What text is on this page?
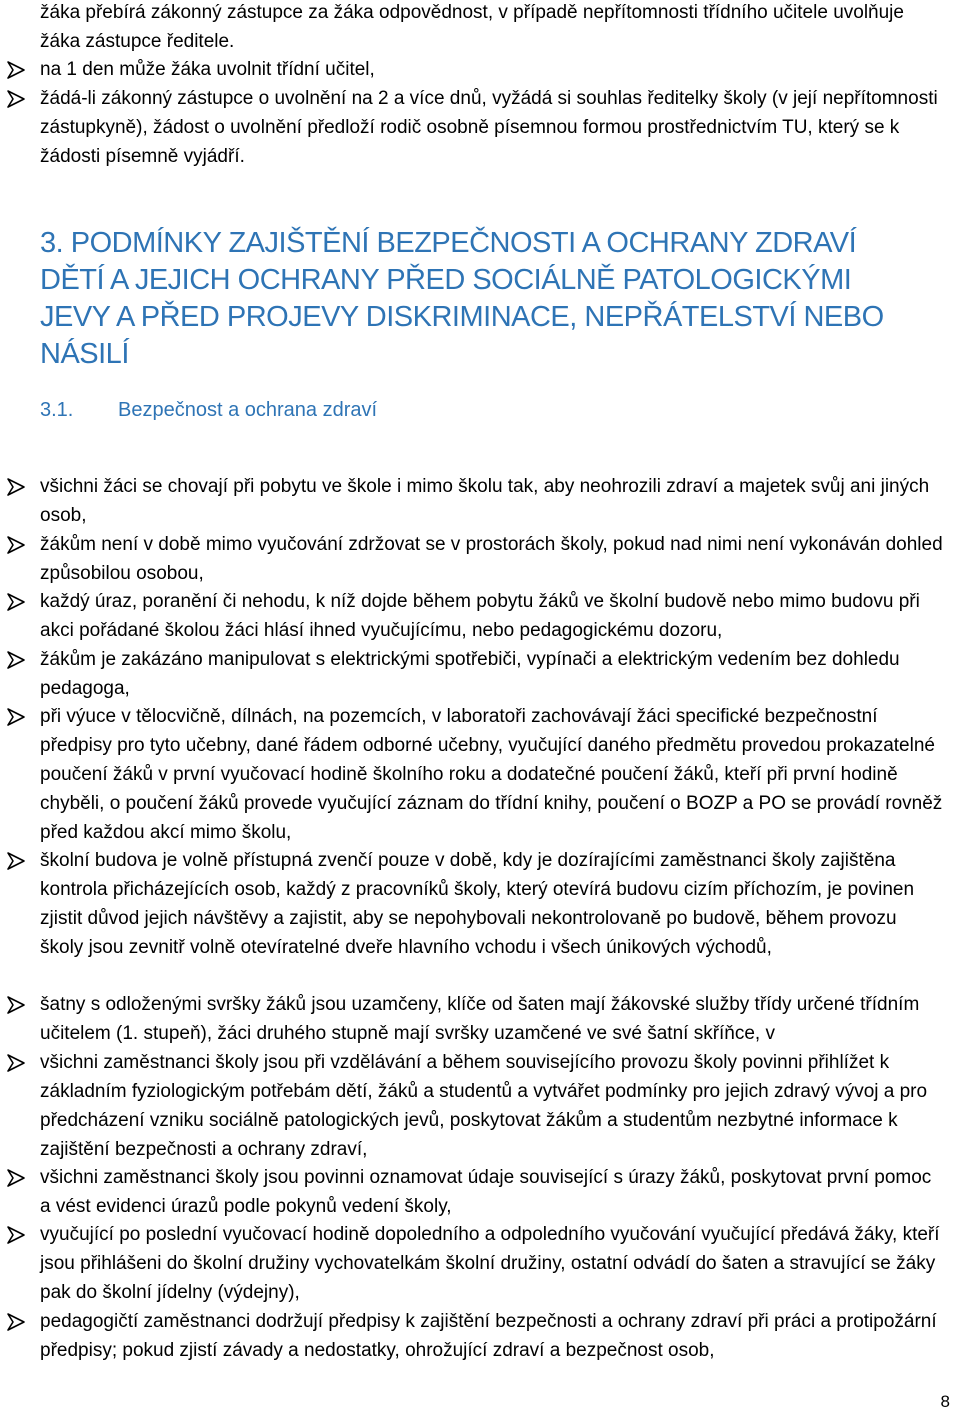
žáka přebírá zákonný zástupce za žáka odpovědnost, v případě nepřítomnosti třídního učitele uvolňuje žáka zástupce ředitele.
na 1 den může žáka uvolnit třídní učitel,
žádá-li zákonný zástupce o uvolnění na 2 a více dnů, vyžádá si souhlas ředitelky školy (v její nepřítomnosti zástupkyně), žádost o uvolnění předloží rodič osobně písemnou formou prostřednictvím TU, který se k žádosti písemně vyjádří.
3. PODMÍNKY ZAJIŠTĚNÍ BEZPEČNOSTI A OCHRANY ZDRAVÍ DĚTÍ A JEJICH OCHRANY PŘED SOCIÁLNĚ PATOLOGICKÝMI JEVY A PŘED PROJEVY DISKRIMINACE, NEPŘÁTELSTVÍ NEBO NÁSILÍ
3.1. Bezpečnost a ochrana zdraví
všichni žáci se chovají při pobytu ve škole i mimo školu tak, aby neohrozili zdraví a majetek svůj ani jiných osob,
žákům není v době mimo vyučování zdržovat se v prostorách školy, pokud nad nimi není vykonáván dohled způsobilou osobou,
každý úraz, poranění či nehodu, k níž dojde během pobytu žáků ve školní budově nebo mimo budovu při akci pořádané školou žáci hlásí ihned vyučujícímu, nebo pedagogickému dozoru,
žákům je zakázáno manipulovat s elektrickými spotřebiči, vypínači a elektrickým vedením bez dohledu pedagoga,
při výuce v tělocvičně, dílnách, na pozemcích, v laboratoři zachovávají žáci specifické bezpečnostní předpisy pro tyto učebny, dané řádem odborné učebny, vyučující daného předmětu provedou prokazatelné poučení žáků v první vyučovací hodině školního roku a dodatečné poučení žáků, kteří při první hodině chyběli, o poučení žáků provede vyučující záznam do třídní knihy, poučení o BOZP a PO se provádí rovněž před každou akcí mimo školu,
školní budova je volně přístupná zvenčí pouze v době, kdy je dozírajícími zaměstnanci školy zajištěna kontrola přicházejících osob, každý z pracovníků školy, který otevírá budovu cizím příchozím, je povinen zjistit důvod jejich návštěvy a zajistit, aby se nepohybovali nekontrolovaně po budově, během provozu školy jsou zevnitř volně otevíratelné dveře hlavního vchodu i všech únikových východů,
šatny s odloženými svršky žáků jsou uzamčeny, klíče od šaten mají žákovské služby třídy určené třídním učitelem (1. stupeň), žáci druhého stupně mají svršky uzamčené ve své šatní skříňce, v
všichni zaměstnanci školy jsou při vzdělávání a během souvisejícího provozu školy povinni přihlížet k základním fyziologickým potřebám dětí, žáků a studentů a vytvářet podmínky pro jejich zdravý vývoj a pro předcházení vzniku sociálně patologických jevů, poskytovat žákům a studentům nezbytné informace k zajištění bezpečnosti a ochrany zdraví,
všichni zaměstnanci školy jsou povinni oznamovat údaje související s úrazy žáků, poskytovat první pomoc a vést evidenci úrazů podle pokynů vedení školy,
vyučující po poslední vyučovací hodině dopoledního a odpoledního vyučování vyučující předává žáky, kteří jsou přihlášeni do školní družiny vychovatelkám školní družiny, ostatní odvádí do šaten a stravující se žáky pak do školní jídelny (výdejny),
pedagogičtí zaměstnanci dodržují předpisy k zajištění bezpečnosti a ochrany zdraví při práci a protipožární předpisy; pokud zjistí závady a nedostatky, ohrožující zdraví a bezpečnost osob,
8
